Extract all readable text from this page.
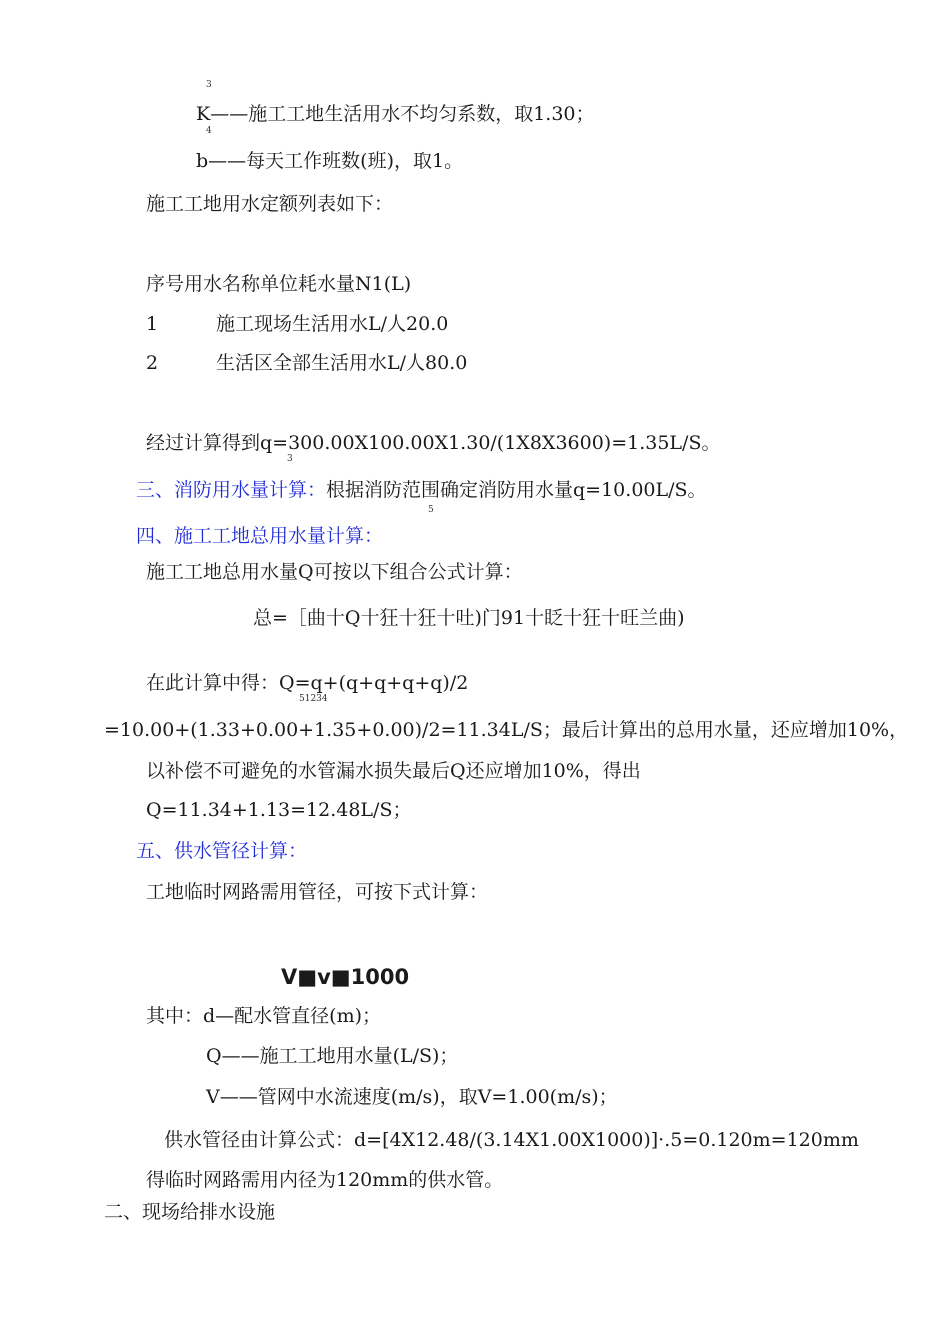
3
K——施工工地生活用水不均匀系数，取1.30；
4
b——每天工作班数(班)，取1。
施工工地用水定额列表如下：
序号用水名称单位耗水量N1(L)
1	施工现场生活用水L/人20.0
2	生活区全部生活用水L/人80.0
经过计算得到q=300.00X100.00X1.30/(1X8X3600)=1.35L/S。
3
三、消防用水量计算：根据消防范围确定消防用水量q=10.00L/S。
5
四、施工工地总用水量计算：
施工工地总用水量Q可按以下组合公式计算：
总=［曲十Q十狂十狂十吐)门91十眨十狂十旺兰曲)
在此计算中得：Q=q+(q+q+q+q)/2
51234
=10.00+(1.33+0.00+1.35+0.00)/2=11.34L/S；最后计算出的总用水量，还应增加10%，
以补偿不可避免的水管漏水损失最后Q还应增加10%，得出
Q=11.34+1.13=12.48L/S；
五、供水管径计算：
工地临时网路需用管径，可按下式计算：
V■v■1000
其中：d—配水管直径(m)；
Q——施工工地用水量(L/S)；
V——管网中水流速度(m/s)，取V=1.00(m/s)；
供水管径由计算公式：d=[4X12.48/(3.14X1.00X1000)]·.5=0.120m=120mm
得临时网路需用内径为120mm的供水管。
二、现场给排水设施
